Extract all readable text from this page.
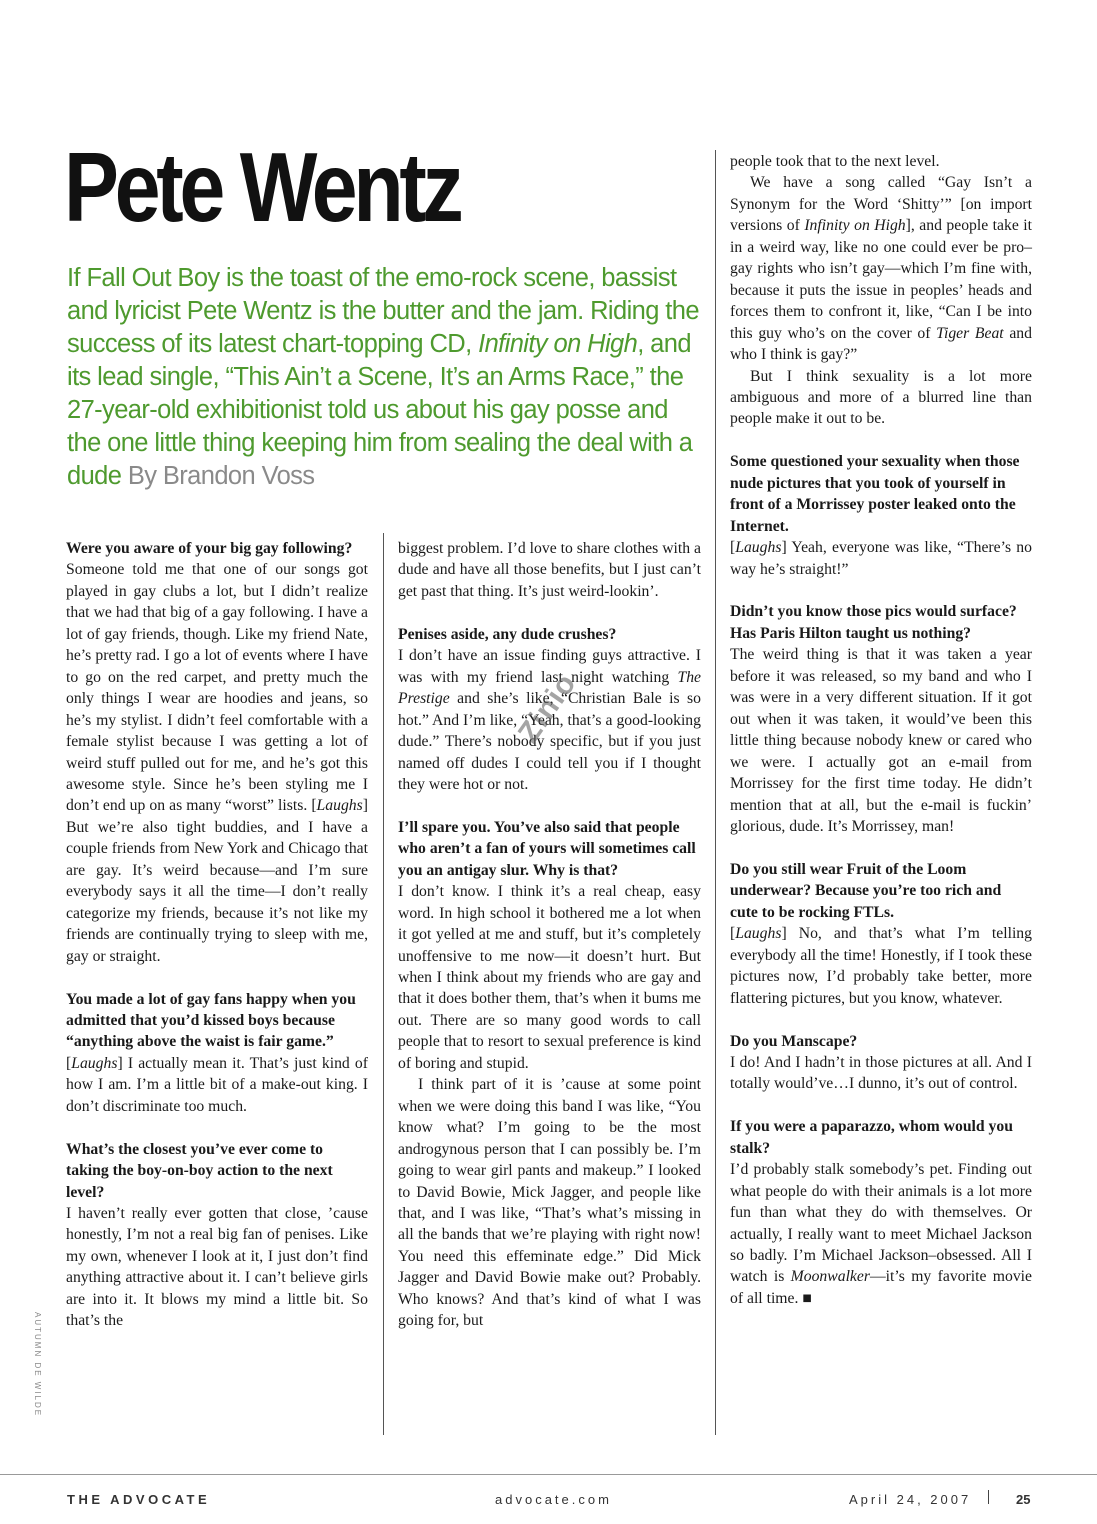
Pete Wentz
If Fall Out Boy is the toast of the emo-rock scene, bassist and lyricist Pete Wentz is the butter and the jam. Riding the success of its latest chart-topping CD, Infinity on High, and its lead single, “This Ain’t a Scene, It’s an Arms Race,” the 27-year-old exhibitionist told us about his gay posse and the one little thing keeping him from sealing the deal with a dude By Brandon Voss

Were you aware of your big gay following?

Someone told me that one of our songs got played in gay clubs a lot, but I didn’t realize that we had that big of a gay following. I have a lot of gay friends, though. Like my friend Nate, he’s pretty rad. I go a lot of events where I have to go on the red carpet, and pretty much the only things I wear are hoodies and jeans, so he’s my stylist. I didn’t feel comfortable with a female stylist because I was getting a lot of weird stuff pulled out for me, and he’s got this awesome style. Since he’s been styling me I don’t end up on as many “worst” lists. [Laughs] But we’re also tight buddies, and I have a couple friends from New York and Chicago that are gay. It’s weird because—and I’m sure everybody says it all the time—I don’t really categorize my friends, because it’s not like my friends are continually trying to sleep with me, gay or straight.

You made a lot of gay fans happy when you admitted that you’d kissed boys because “anything above the waist is fair game.”

[Laughs] I actually mean it. That’s just kind of how I am. I’m a little bit of a make-out king. I don’t discriminate too much.

What’s the closest you’ve ever come to taking the boy-on-boy action to the next level?

I haven’t really ever gotten that close, ’cause honestly, I’m not a real big fan of penises. Like my own, whenever I look at it, I just don’t find anything attractive about it. I can’t believe girls are into it. It blows my mind a little bit. So that’s the

biggest problem. I’d love to share clothes with a dude and have all those benefits, but I just can’t get past that thing. It’s just weird-lookin’.

Penises aside, any dude crushes?

I don’t have an issue finding guys attractive. I was with my friend last night watching The Prestige and she’s like, “Christian Bale is so hot.” And I’m like, “Yeah, that’s a good-looking dude.” There’s nobody specific, but if you just named off dudes I could tell you if I thought they were hot or not.

I’ll spare you. You’ve also said that people who aren’t a fan of yours will sometimes call you an antigay slur. Why is that?

I don’t know. I think it’s a real cheap, easy word. In high school it bothered me a lot when it got yelled at me and stuff, but it’s completely unoffensive to me now—it doesn’t hurt. But when I think about my friends who are gay and that it does bother them, that’s when it bums me out. There are so many good words to call people that to resort to sexual preference is kind of boring and stupid.

I think part of it is ’cause at some point when we were doing this band I was like, “You know what? I’m going to be the most androgynous person that I can possibly be. I’m going to wear girl pants and makeup.” I looked to David Bowie, Mick Jagger, and people like that, and I was like, “That’s what’s missing in all the bands that we’re playing with right now! You need this effeminate edge.” Did Mick Jagger and David Bowie make out? Probably. Who knows? And that’s kind of what I was going for, but

people took that to the next level.

We have a song called “Gay Isn’t a Synonym for the Word ‘Shitty’” [on import versions of Infinity on High], and people take it in a weird way, like no one could ever be pro–gay rights who isn’t gay—which I’m fine with, because it puts the issue in peoples’ heads and forces them to confront it, like, “Can I be into this guy who’s on the cover of Tiger Beat and who I think is gay?”

But I think sexuality is a lot more ambiguous and more of a blurred line than people make it out to be.

Some questioned your sexuality when those nude pictures that you took of yourself in front of a Morrissey poster leaked onto the Internet.

[Laughs] Yeah, everyone was like, “There’s no way he’s straight!”

Didn’t you know those pics would surface? Has Paris Hilton taught us nothing?

The weird thing is that it was taken a year before it was released, so my band and who I was were in a very different situation. If it got out when it was taken, it would’ve been this little thing because nobody knew or cared who we were. I actually got an e-mail from Morrissey for the first time today. He didn’t mention that at all, but the e-mail is fuckin’ glorious, dude. It’s Morrissey, man!

Do you still wear Fruit of the Loom underwear? Because you’re too rich and cute to be rocking FTLs.

[Laughs] No, and that’s what I’m telling everybody all the time! Honestly, if I took these pictures now, I’d probably take better, more flattering pictures, but you know, whatever.

Do you Manscape?

I do! And I hadn’t in those pictures at all. And I totally would’ve…I dunno, it’s out of control.

If you were a paparazzo, whom would you stalk?

I’d probably stalk somebody’s pet. Finding out what people do with their animals is a lot more fun than what they do with themselves. Or actually, I really want to meet Michael Jackson so badly. I’m Michael Jackson–obsessed. All I watch is Moonwalker—it’s my favorite movie of all time. ■

AUTUMN DE WILDE
Zinio
THE ADVOCATE	advocate.com	April 24, 2007	25
